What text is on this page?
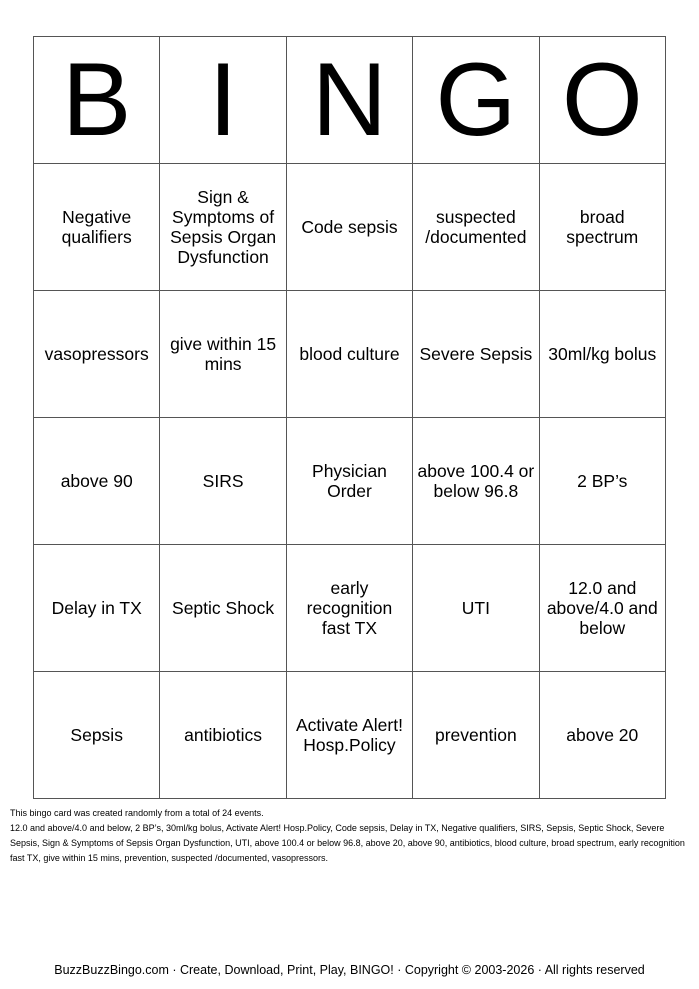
B	I	N	G	O
Negative qualifiers	Sign & Symptoms of Sepsis Organ Dysfunction	Code sepsis	suspected /documented	broad spectrum
vasopressors	give within 15 mins	blood culture	Severe Sepsis	30ml/kg bolus
above 90	SIRS	Physician Order	above 100.4 or below 96.8	2 BP’s
Delay in TX	Septic Shock	early recognition fast TX	UTI	12.0 and above/4.0 and below
Sepsis	antibiotics	Activate Alert! Hosp.Policy	prevention	above 20
This bingo card was created randomly from a total of 24 events.
12.0 and above/4.0 and below, 2 BP’s, 30ml/kg bolus, Activate Alert! Hosp.Policy, Code sepsis, Delay in TX, Negative qualifiers, SIRS, Sepsis, Septic Shock, Severe Sepsis, Sign & Symptoms of Sepsis Organ Dysfunction, UTI, above 100.4 or below 96.8, above 20, above 90, antibiotics, blood culture, broad spectrum, early recognition fast TX, give within 15 mins, prevention, suspected /documented, vasopressors.
BuzzBuzzBingo.com · Create, Download, Print, Play, BINGO! · Copyright © 2003-2026 · All rights reserved
